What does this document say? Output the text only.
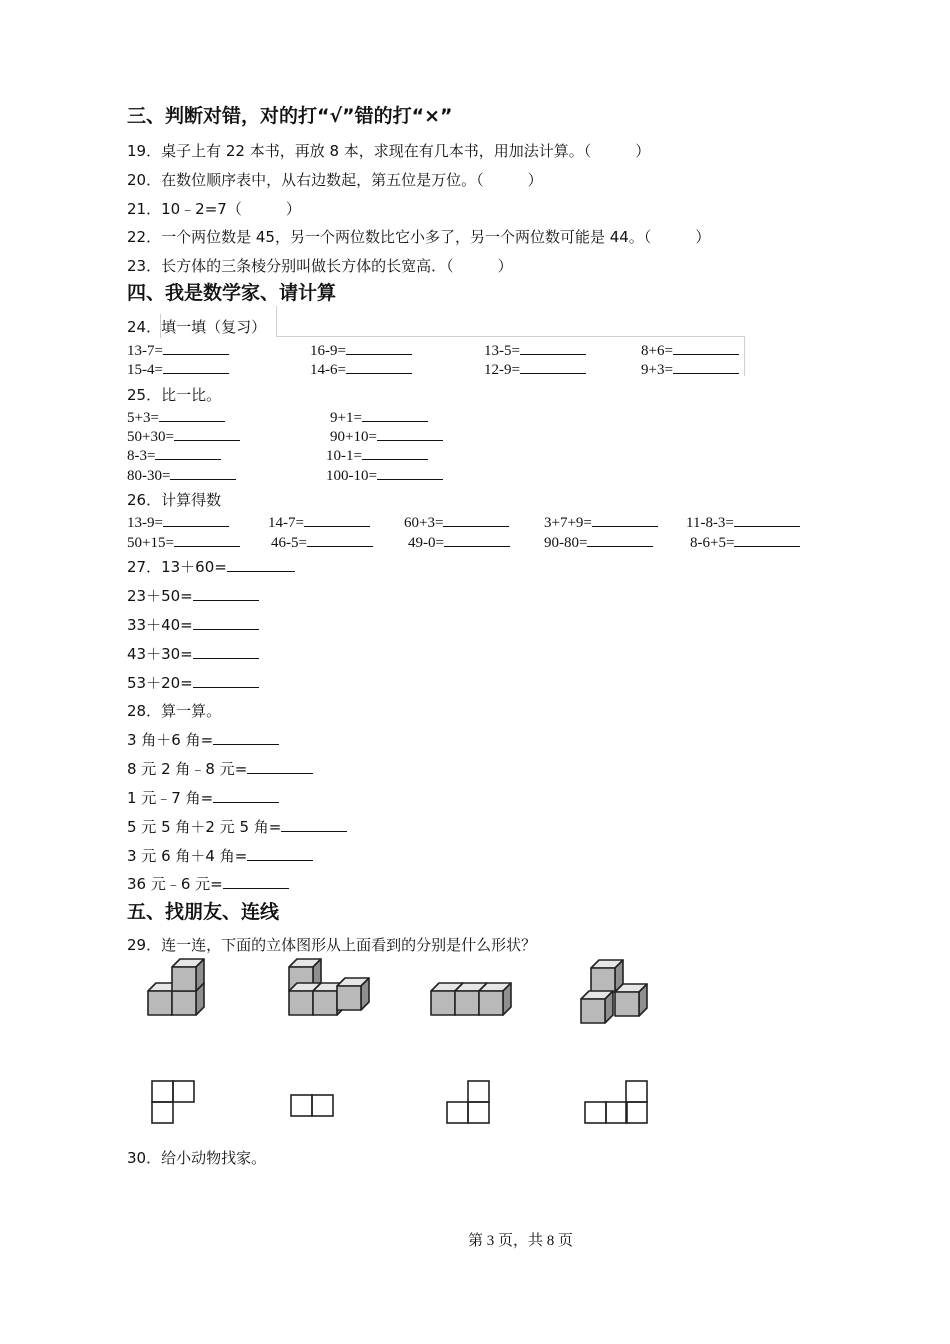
三、判断对错，对的打“√”错的打“×”
19．桌子上有 22 本书，再放 8 本，求现在有几本书，用加法计算。（	）
20．在数位顺序表中，从右边数起，第五位是万位。（	）
21．10﹣2=7（	）
22．一个两位数是 45，另一个两位数比它小多了，另一个两位数可能是 44。（	）
23．长方体的三条棱分别叫做长方体的长宽高．（	）
四、我是数学家、请计算
24．填一填（复习）
13-7=	16-9=	13-5=	8+6=
15-4=	14-6=	12-9=	9+3=
25．比一比。
5+3=	9+1=
50+30=	90+10=
8-3=	10-1=
80-30=	100-10=
26．计算得数
13-9=	14-7=	60+3=	3+7+9=	11-8-3=
50+15=	46-5=	49-0=	90-80=	8-6+5=
27．13＋60=
23＋50=
33＋40=
43＋30=
53＋20=
28．算一算。
3 角＋6 角=
8 元 2 角﹣8 元=
1 元﹣7 角=
5 元 5 角＋2 元 5 角=
3 元 6 角＋4 角=
36 元﹣6 元=
五、找朋友、连线
29．连一连，下面的立体图形从上面看到的分别是什么形状？
30．给小动物找家。
第 3 页，共 8 页
